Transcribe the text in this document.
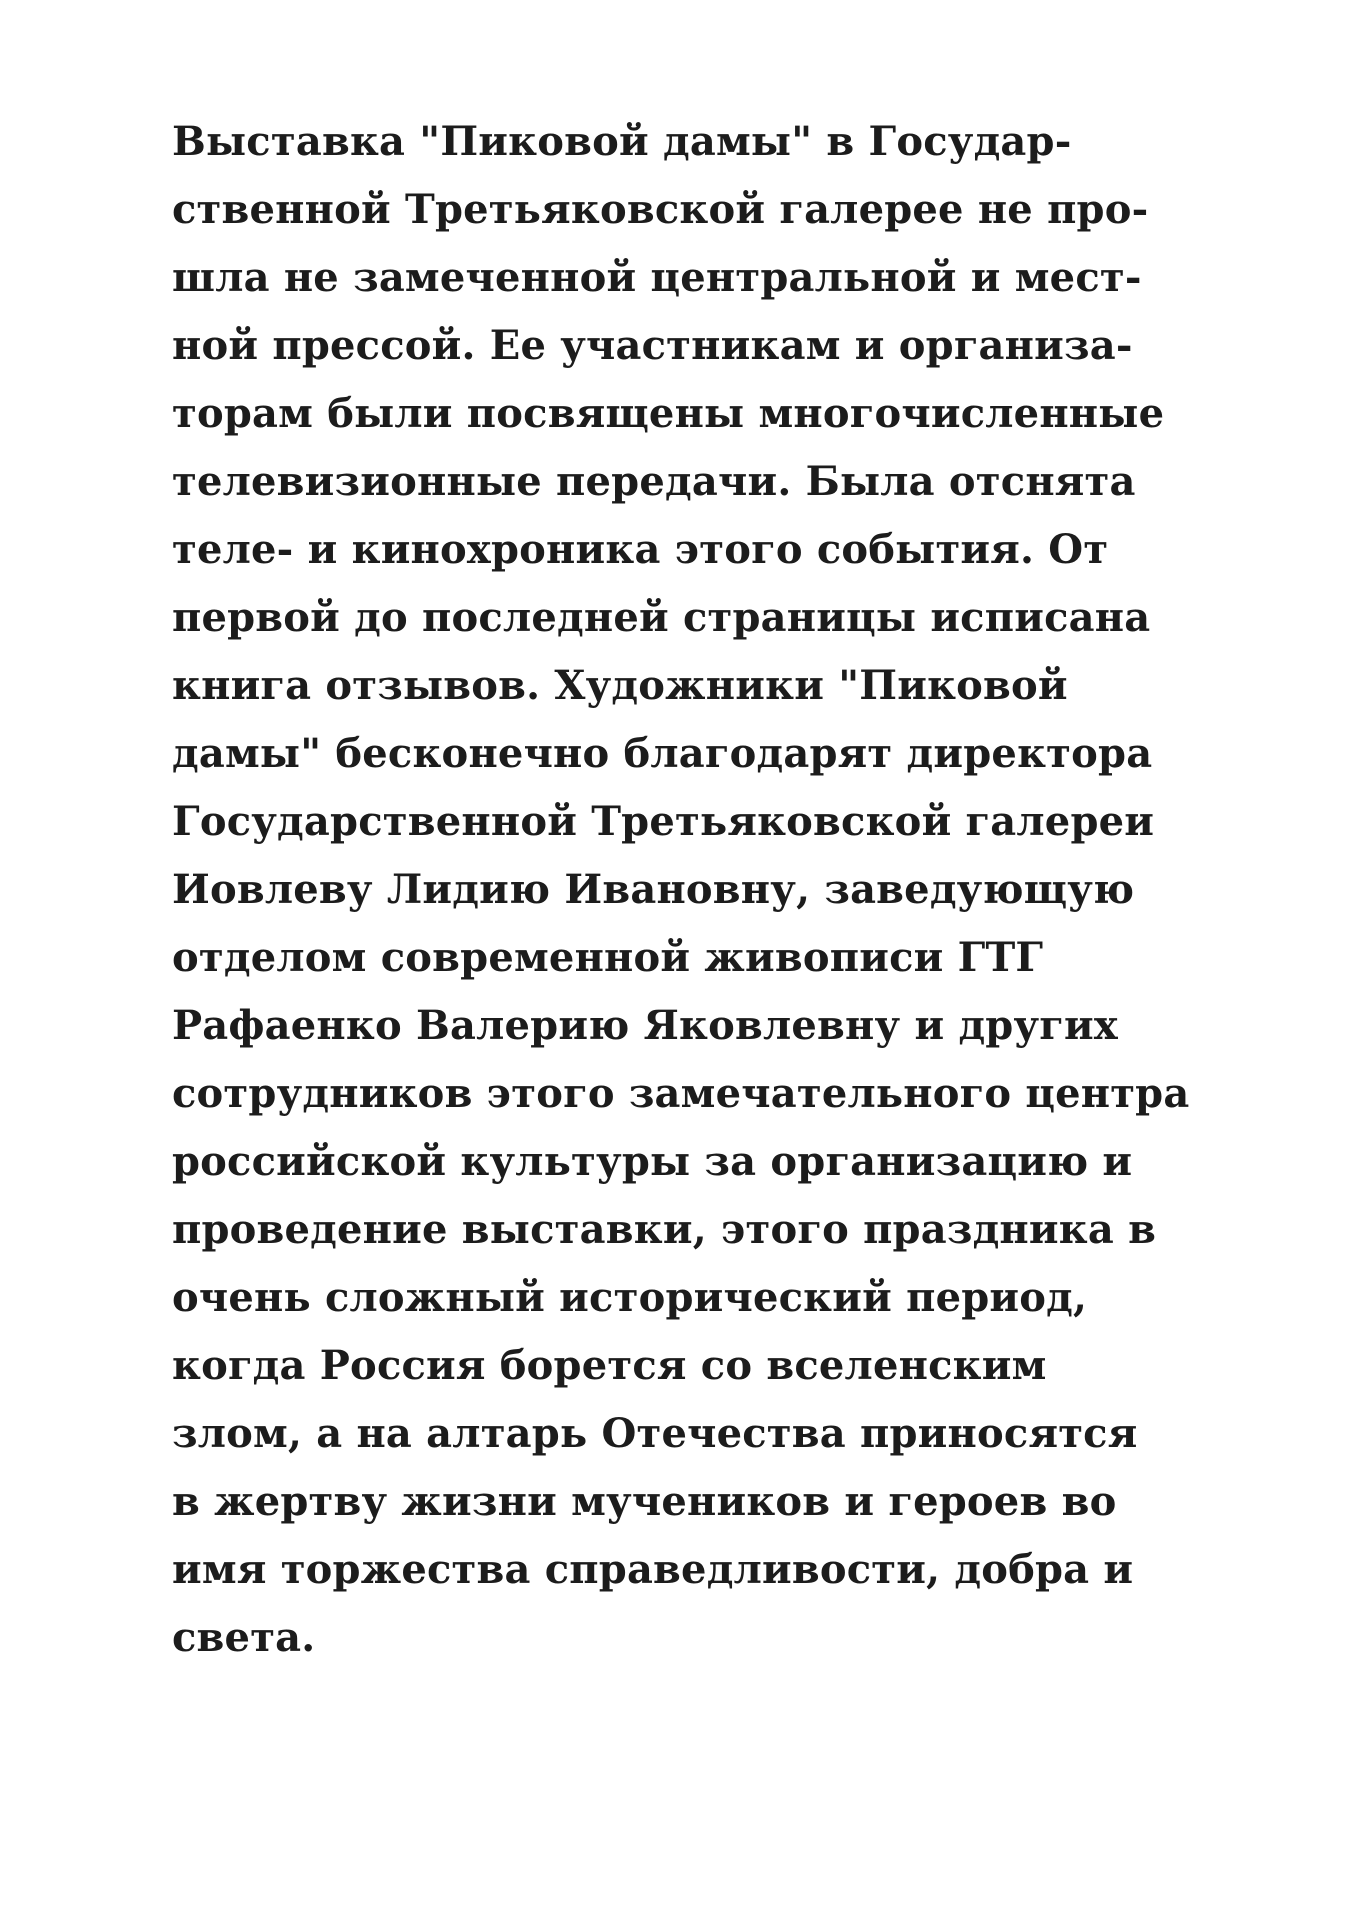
Выставка "Пиковой дамы" в Государ-
ственной Третьяковской галерее не про-
шла не замеченной центральной и мест-
ной прессой. Ее участникам и организа-
торам были посвящены многочисленные
телевизионные передачи. Была отснята
теле- и кинохроника этого события. От
первой до последней страницы исписана
книга отзывов. Художники "Пиковой
дамы" бесконечно благодарят директора
Государственной Третьяковской галереи
Иовлеву Лидию Ивановну, заведующую
отделом современной живописи ГТГ
Рафаенко Валерию Яковлевну и других
сотрудников этого замечательного центра
российской культуры за организацию и
проведение выставки, этого праздника в
очень сложный исторический период,
когда Россия борется со вселенским
злом, а на алтарь Отечества приносятся
в жертву жизни мучеников и героев во
имя торжества справедливости, добра и
света.
